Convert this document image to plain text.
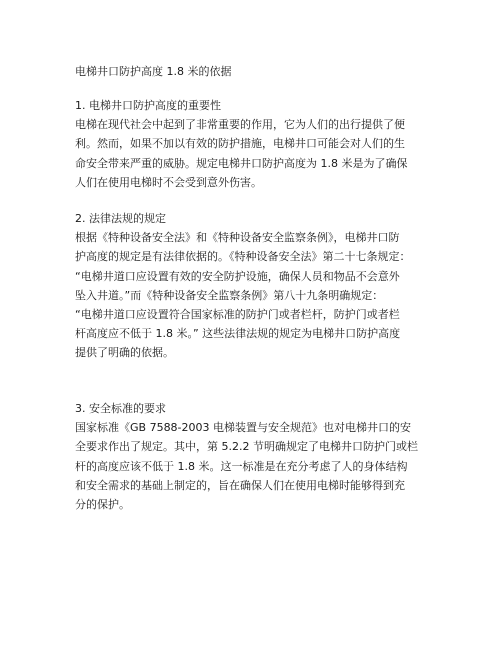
电梯井口防护高度 1.8 米的依据

1. 电梯井口防护高度的重要性

电梯在现代社会中起到了非常重要的作用，它为人们的出行提供了便
利。然而，如果不加以有效的防护措施，电梯井口可能会对人们的生
命安全带来严重的威胁。规定电梯井口防护高度为 1.8 米是为了确保
人们在使用电梯时不会受到意外伤害。

2. 法律法规的规定

根据《特种设备安全法》和《特种设备安全监察条例》，电梯井口防
护高度的规定是有法律依据的。《特种设备安全法》第二十七条规定：
“电梯井道口应设置有效的安全防护设施，确保人员和物品不会意外
坠入井道。”而《特种设备安全监察条例》第八十九条明确规定：
“电梯井道口应设置符合国家标准的防护门或者栏杆，防护门或者栏
杆高度应不低于 1.8 米。” 这些法律法规的规定为电梯井口防护高度
提供了明确的依据。

3. 安全标准的要求

国家标准《GB 7588-2003 电梯装置与安全规范》也对电梯井口的安
全要求作出了规定。其中，第 5.2.2 节明确规定了电梯井口防护门或栏
杆的高度应该不低于 1.8 米。这一标准是在充分考虑了人的身体结构
和安全需求的基础上制定的，旨在确保人们在使用电梯时能够得到充
分的保护。
